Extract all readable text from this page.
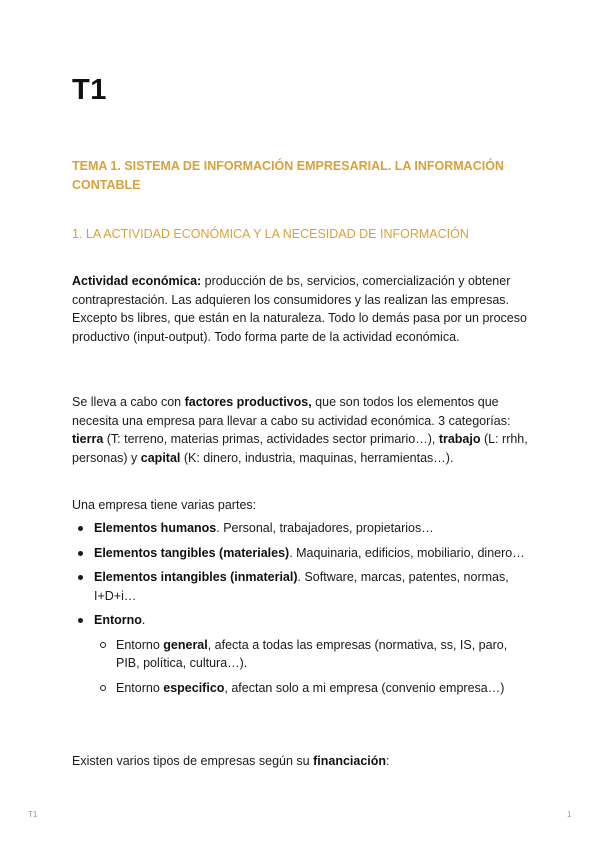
T1
TEMA 1. SISTEMA DE INFORMACIÓN EMPRESARIAL. LA INFORMACIÓN CONTABLE
1. LA ACTIVIDAD ECONÓMICA Y LA NECESIDAD DE INFORMACIÓN

Actividad económica: producción de bs, servicios, comercialización y obtener contraprestación. Las adquieren los consumidores y las realizan las empresas. Excepto bs libres, que están en la naturaleza. Todo lo demás pasa por un proceso productivo (input-output). Todo forma parte de la actividad económica.

Se lleva a cabo con factores productivos, que son todos los elementos que necesita una empresa para llevar a cabo su actividad económica. 3 categorías: tierra (T: terreno, materias primas, actividades sector primario…), trabajo (L: rrhh, personas) y capital (K: dinero, industria, maquinas, herramientas…).

Una empresa tiene varias partes:

Elementos humanos. Personal, trabajadores, propietarios…
Elementos tangibles (materiales). Maquinaria, edificios, mobiliario, dinero…
Elementos intangibles (inmaterial). Software, marcas, patentes, normas, I+D+i…
Entorno.
Entorno general, afecta a todas las empresas (normativa, ss, IS, paro, PIB, política, cultura…).
Entorno especifico, afectan solo a mi empresa (convenio empresa…)

Existen varios tipos de empresas según su financiación:

T1	1
